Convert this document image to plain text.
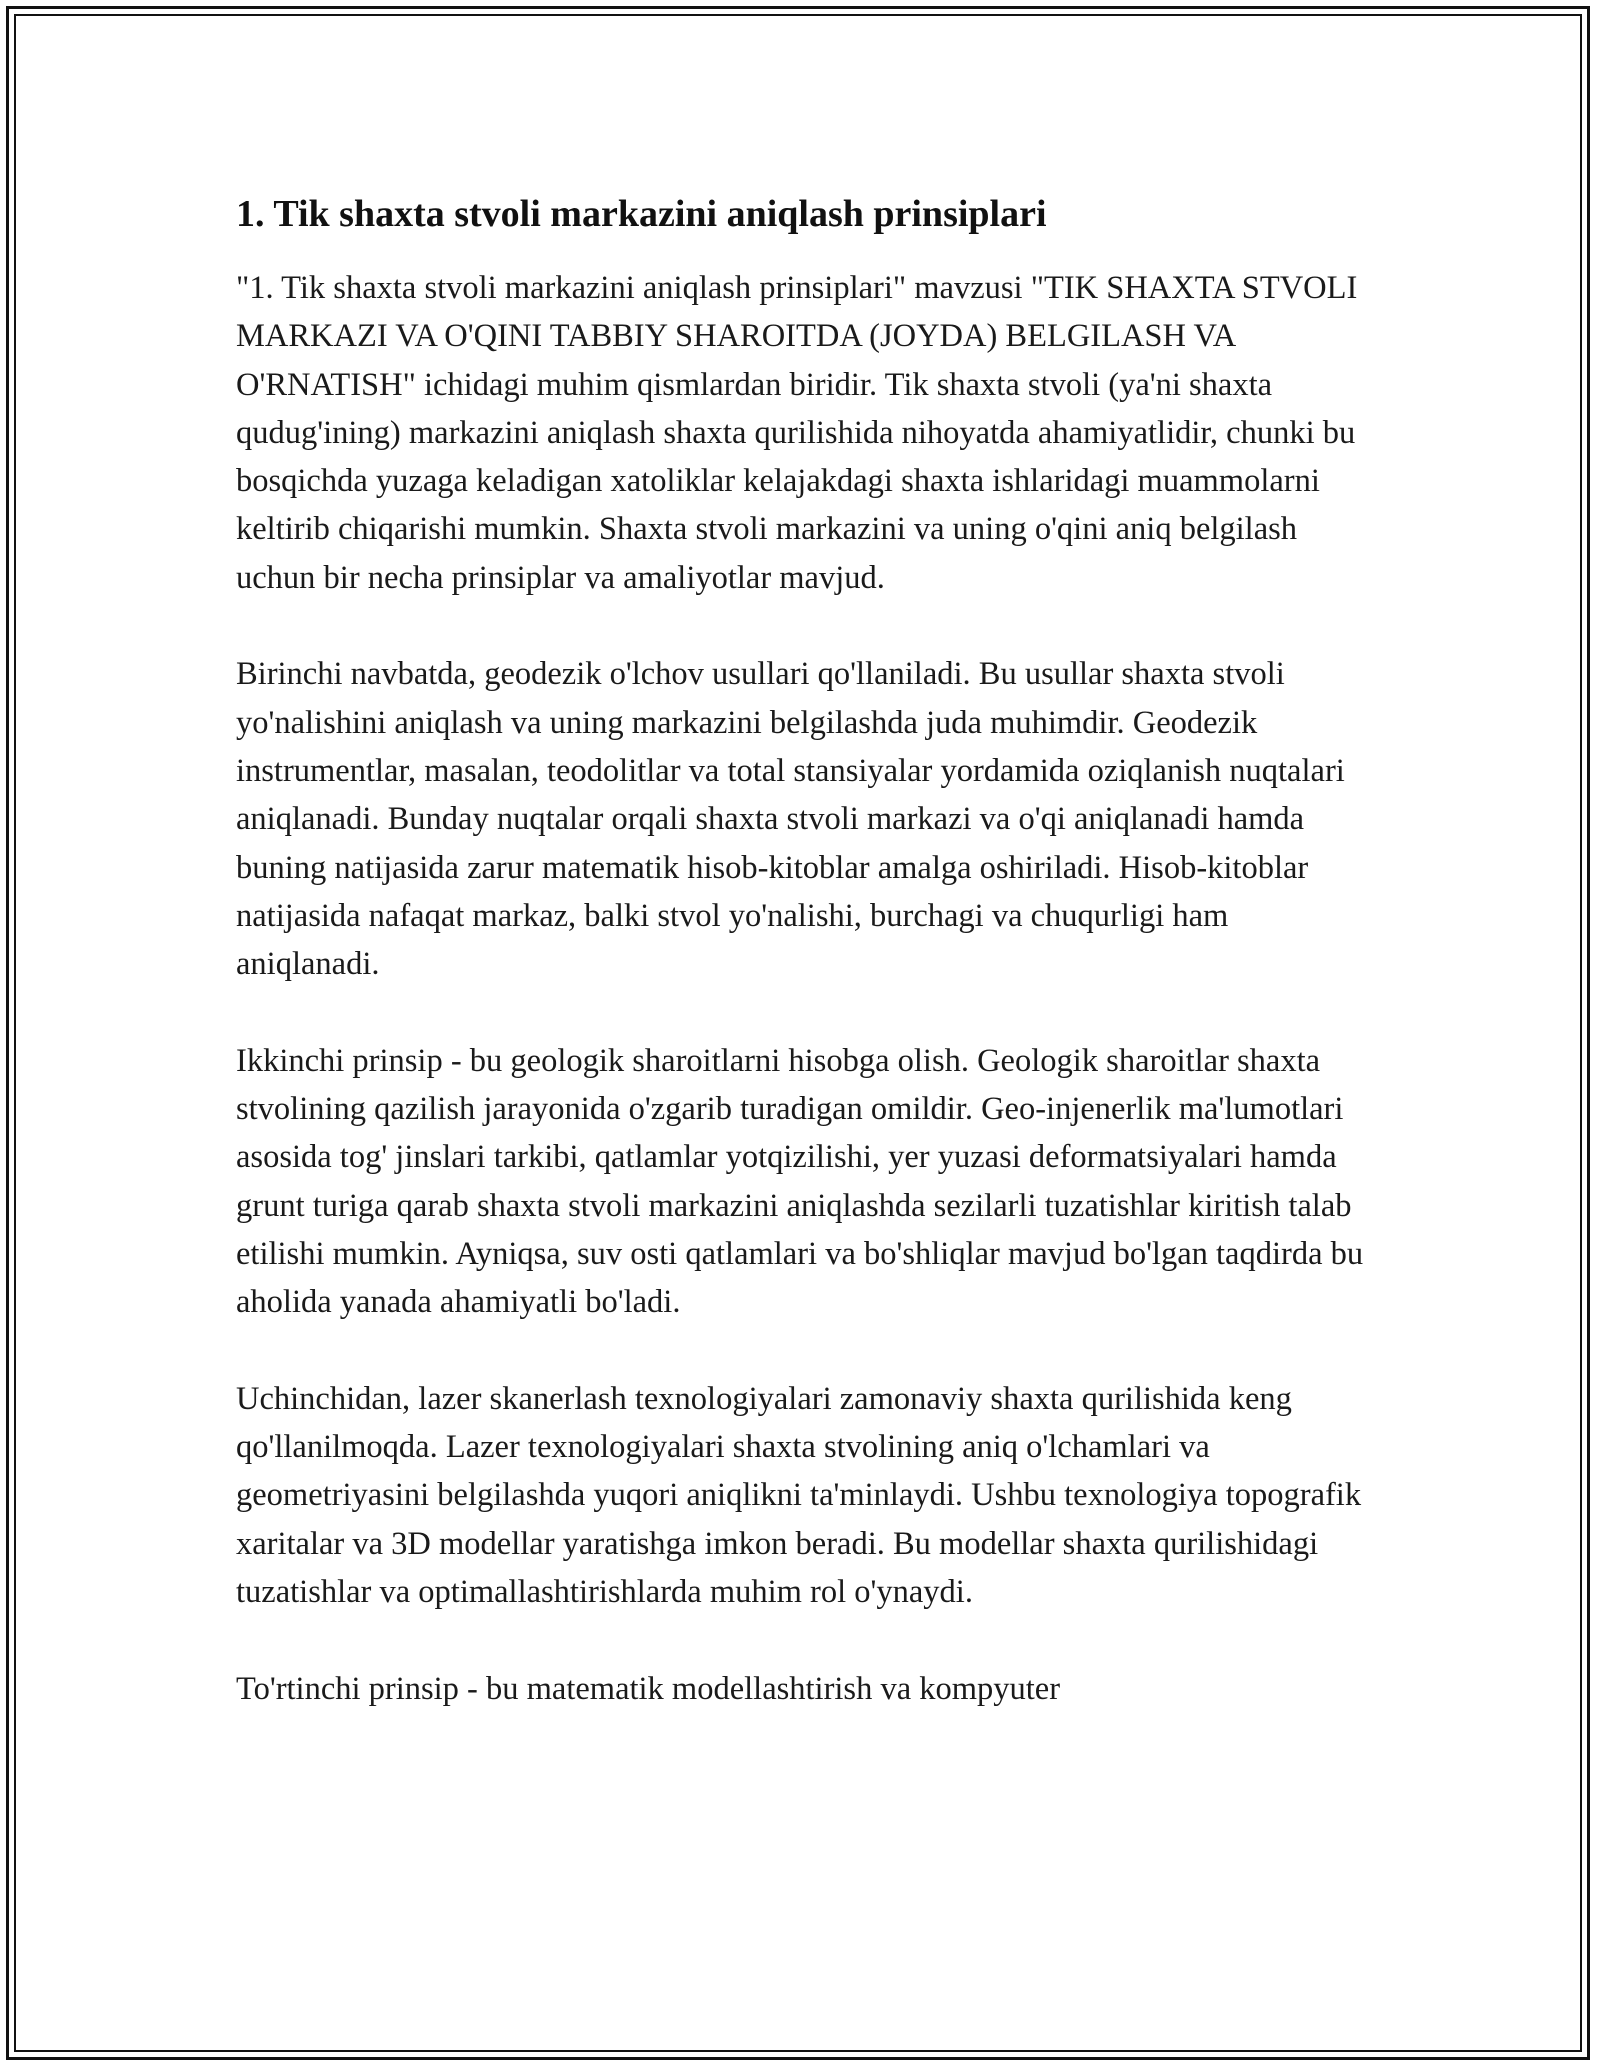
1. Tik shaxta stvoli markazini aniqlash prinsiplari

"1. Tik shaxta stvoli markazini aniqlash prinsiplari" mavzusi "TIK SHAXTA STVOLI MARKAZI VA O'QINI TABBIY SHAROITDA (JOYDA) BELGILASH VA O'RNATISH" ichidagi muhim qismlardan biridir. Tik shaxta stvoli (ya'ni shaxta qudug'ining) markazini aniqlash shaxta qurilishida nihoyatda ahamiyatlidir, chunki bu bosqichda yuzaga keladigan xatoliklar kelajakdagi shaxta ishlaridagi muammolarni keltirib chiqarishi mumkin. Shaxta stvoli markazini va uning o'qini aniq belgilash uchun bir necha prinsiplar va amaliyotlar mavjud.

Birinchi navbatda, geodezik o'lchov usullari qo'llaniladi. Bu usullar shaxta stvoli yo'nalishini aniqlash va uning markazini belgilashda juda muhimdir. Geodezik instrumentlar, masalan, teodolitlar va total stansiyalar yordamida oziqlanish nuqtalari aniqlanadi. Bunday nuqtalar orqali shaxta stvoli markazi va o'qi aniqlanadi hamda buning natijasida zarur matematik hisob-kitoblar amalga oshiriladi. Hisob-kitoblar natijasida nafaqat markaz, balki stvol yo'nalishi, burchagi va chuqurligi ham aniqlanadi.

Ikkinchi prinsip - bu geologik sharoitlarni hisobga olish. Geologik sharoitlar shaxta stvolining qazilish jarayonida o'zgarib turadigan omildir. Geo-injenerlik ma'lumotlari asosida tog' jinslari tarkibi, qatlamlar yotqizilishi, yer yuzasi deformatsiyalari hamda grunt turiga qarab shaxta stvoli markazini aniqlashda sezilarli tuzatishlar kiritish talab etilishi mumkin. Ayniqsa, suv osti qatlamlari va bo'shliqlar mavjud bo'lgan taqdirda bu aholida yanada ahamiyatli bo'ladi.

Uchinchidan, lazer skanerlash texnologiyalari zamonaviy shaxta qurilishida keng qo'llanilmoqda. Lazer texnologiyalari shaxta stvolining aniq o'lchamlari va geometriyasini belgilashda yuqori aniqlikni ta'minlaydi. Ushbu texnologiya topografik xaritalar va 3D modellar yaratishga imkon beradi. Bu modellar shaxta qurilishidagi tuzatishlar va optimallashtirishlarda muhim rol o'ynaydi.

To'rtinchi prinsip - bu matematik modellashtirish va kompyuter
